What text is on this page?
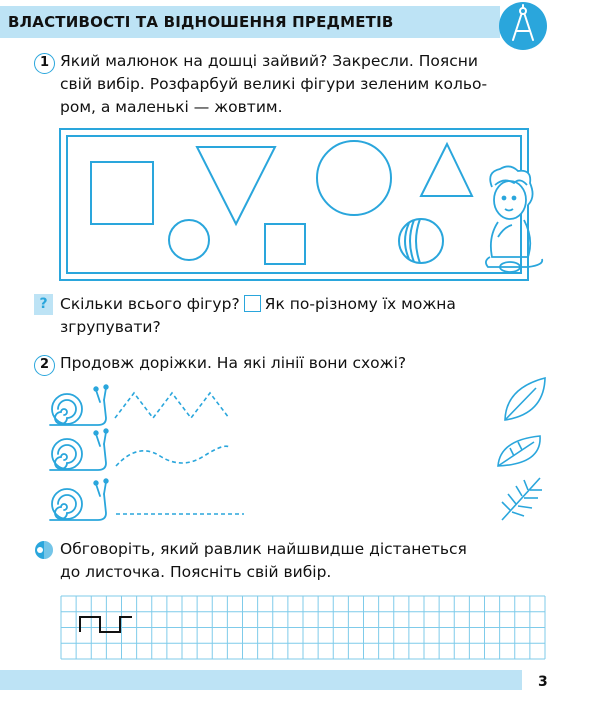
ВЛАСТИВОСТІ ТА ВІДНОШЕННЯ ПРЕДМЕТІВ
1 Який малюнок на дошці зайвий? Закресли. Поясни
свій вибір. Розфарбуй великі фігури зеленим кольо-
ром, а маленькі — жовтим.
? Скільки всього фігур? Як по-різному їх можна
згрупувати?
2 Продовж доріжки. На які лінії вони схожі?
Обговоріть, який равлик найшвидше дістанеться
до листочка. Поясніть свій вибір.
3
